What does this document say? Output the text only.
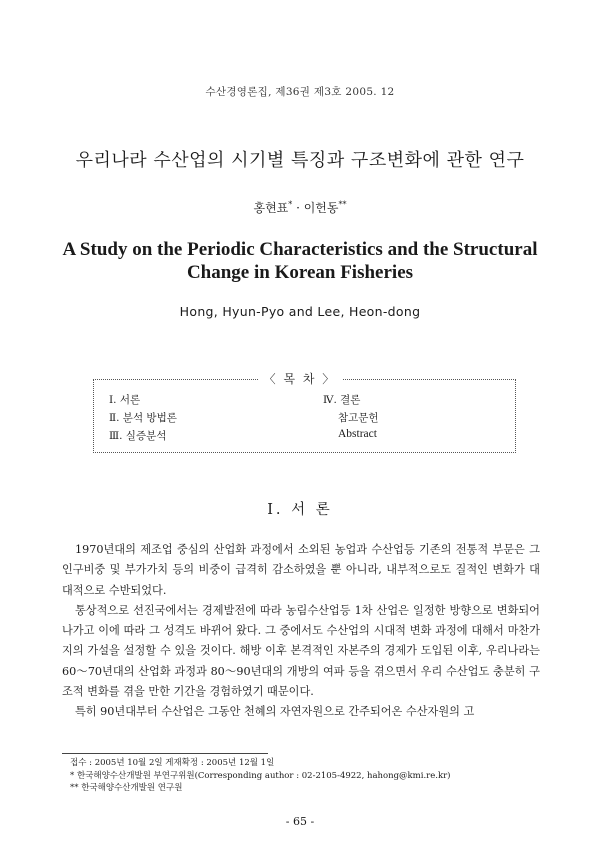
수산경영론집, 제36권 제3호 2005. 12
우리나라 수산업의 시기별 특징과 구조변화에 관한 연구
홍현표* · 이헌동**
A Study on the Periodic Characteristics and the Structural
Change in Korean Fisheries
Hong, Hyun-Pyo and Lee, Heon-dong
〈 목 차 〉
Ⅰ. 서론
Ⅱ. 분석 방법론
Ⅲ. 실증분석
Ⅳ. 결론
참고문헌
Abstract
Ⅰ. 서 론

1970년대의 제조업 중심의 산업화 과정에서 소외된 농업과 수산업등 기존의 전통적 부문은 그 인구비중 및 부가가치 등의 비중이 급격히 감소하였을 뿐 아니라, 내부적으로도 질적인 변화가 대대적으로 수반되었다.

통상적으로 선진국에서는 경제발전에 따라 농림수산업등 1차 산업은 일정한 방향으로 변화되어 나가고 이에 따라 그 성격도 바뀌어 왔다. 그 중에서도 수산업의 시대적 변화 과정에 대해서 마찬가지의 가설을 설정할 수 있을 것이다. 해방 이후 본격적인 자본주의 경제가 도입된 이후, 우리나라는 60～70년대의 산업화 과정과 80～90년대의 개방의 여파 등을 겪으면서 우리 수산업도 충분히 구조적 변화를 겪을 만한 기간을 경험하였기 때문이다.

특히 90년대부터 수산업은 그동안 천혜의 자연자원으로 간주되어온 수산자원의 고

접수 : 2005년 10월 2일 게재확정 : 2005년 12월 1일
* 한국해양수산개발원 부연구위원(Corresponding author : 02-2105-4922, hahong@kmi.re.kr)
** 한국해양수산개발원 연구원
- 65 -
